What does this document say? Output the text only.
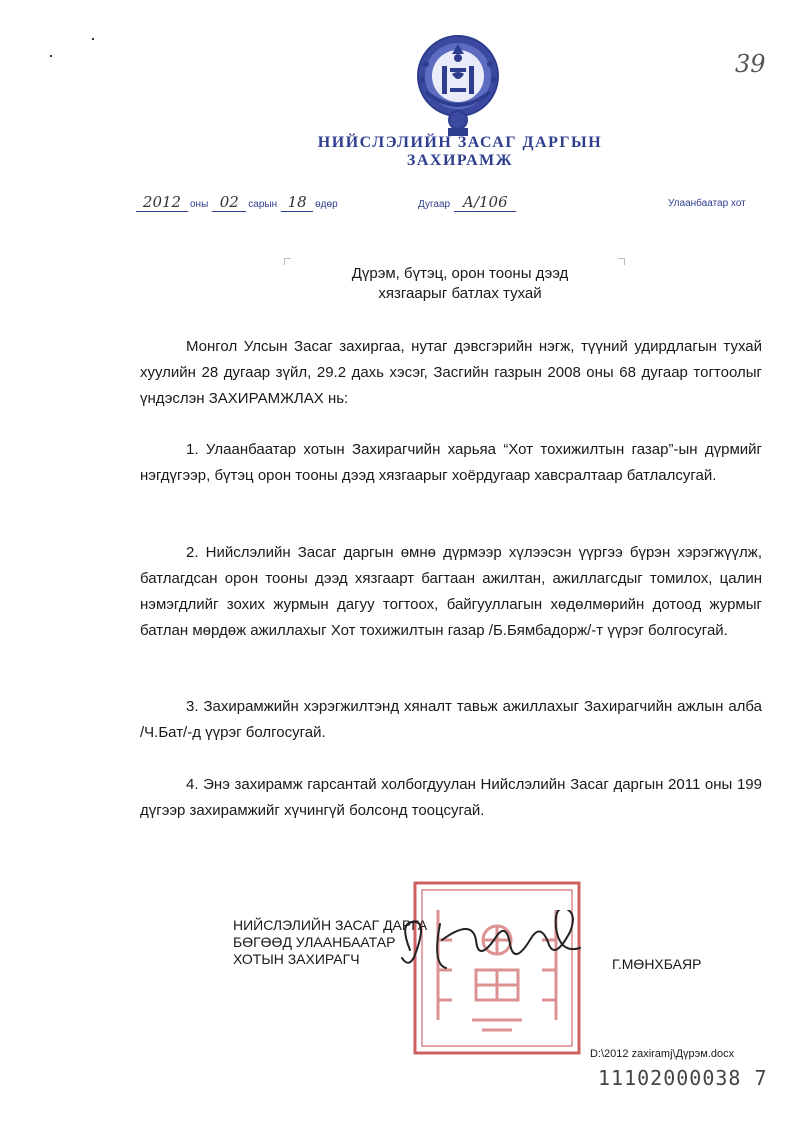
39
НИЙСЛЭЛИЙН ЗАСАГ ДАРГЫН
ЗАХИРАМЖ
2012 оны 02 сарын 18 өдөр	Дугаар А/106	Улаанбаатар хот
Дүрэм, бүтэц, орон тооны дээд
хязгаарыг батлах тухай
Монгол Улсын Засаг захиргаа, нутаг дэвсгэрийн нэгж, түүний удирдлагын тухай хуулийн 28 дугаар зүйл, 29.2 дахь хэсэг, Засгийн газрын 2008 оны 68 дугаар тогтоолыг үндэслэн ЗАХИРАМЖЛАХ нь:
1. Улаанбаатар хотын Захирагчийн харьяа “Хот тохижилтын газар”-ын дүрмийг нэгдүгээр, бүтэц орон тооны дээд хязгаарыг хоёрдугаар хавсралтаар батлалсугай.
2. Нийслэлийн Засаг даргын өмнө дүрмээр хүлээсэн үүргээ бүрэн хэрэгжүүлж, батлагдсан орон тооны дээд хязгаарт багтаан ажилтан, ажиллагсдыг томилох, цалин нэмэгдлийг зохих журмын дагуу тогтоох, байгууллагын хөдөлмөрийн дотоод журмыг батлан мөрдөж ажиллахыг Хот тохижилтын газар /Б.Бямбадорж/-т үүрэг болгосугай.
3. Захирамжийн хэрэгжилтэнд хяналт тавьж ажиллахыг Захирагчийн ажлын алба /Ч.Бат/-д үүрэг болгосугай.
4. Энэ захирамж гарсантай холбогдуулан Нийслэлийн Засаг даргын 2011 оны 199 дүгээр захирамжийг хүчингүй болсонд тооцсугай.
НИЙСЛЭЛИЙН ЗАСАГ ДАРГА
БӨГӨӨД УЛААНБААТАР
ХОТЫН ЗАХИРАГЧ	Г.МӨНХБАЯР
D:\2012 zaxiramj\Дүрэм.docx
11102000038 7
